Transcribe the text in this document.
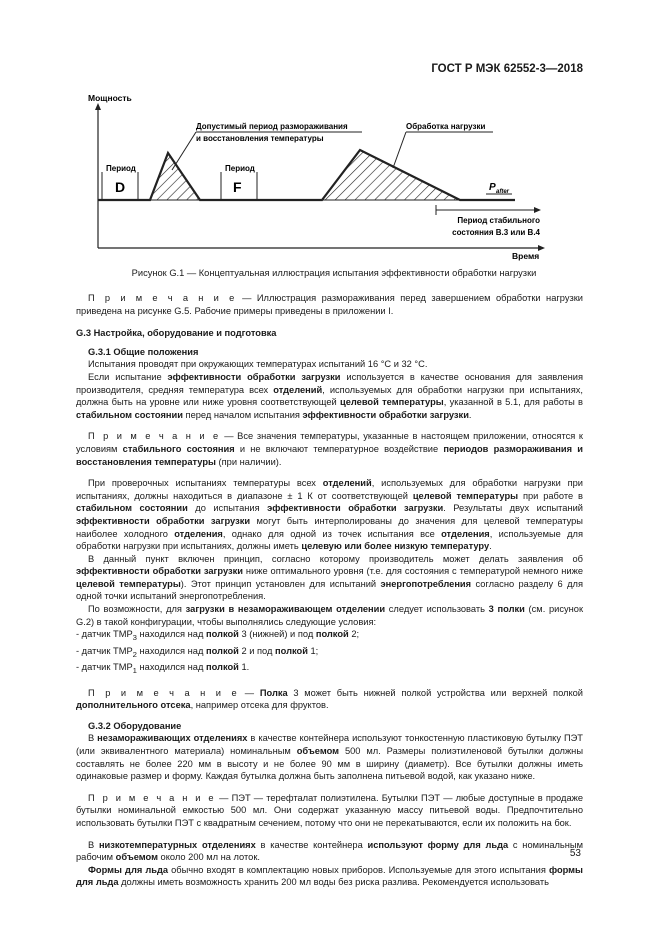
ГОСТ Р МЭК 62552-3—2018
Мощность
Время
Период
D
Период
F
Допустимый период размораживания
и восстановления температуры
Обработка нагрузки
P after
Период стабильного
состояния B.3 или B.4
Рисунок G.1 — Концептуальная иллюстрация испытания эффективности обработки нагрузки

П р и м е ч а н и е — Иллюстрация размораживания перед завершением обработки нагрузки приведена на рисунке G.5. Рабочие примеры приведены в приложении I.

G.3 Настройка, оборудование и подготовка
G.3.1 Общие положения

Испытания проводят при окружающих температурах испытаний 16 °С и 32 °С.

Если испытание эффективности обработки загрузки используется в качестве основания для заявления производителя, средняя температура всех отделений, используемых для обработки нагрузки при испытаниях, должна быть на уровне или ниже уровня соответствующей целевой температуры, указанной в 5.1, для работы в стабильном состоянии перед началом испытания эффективности обработки загрузки.

П р и м е ч а н и е — Все значения температуры, указанные в настоящем приложении, относятся к условиям стабильного состояния и не включают температурное воздействие периодов размораживания и восстановления температуры (при наличии).

При проверочных испытаниях температуры всех отделений, используемых для обработки нагрузки при испытаниях, должны находиться в диапазоне ± 1 К от соответствующей целевой температуры при работе в стабильном состоянии до испытания эффективности обработки загрузки. Результаты двух испытаний эффективности обработки загрузки могут быть интерполированы до значения для целевой температуры наиболее холодного отделения, однако для одной из точек испытания все отделения, используемые для обработки нагрузки при испытаниях, должны иметь целевую или более низкую температуру.

В данный пункт включен принцип, согласно которому производитель может делать заявления об эффективности обработки загрузки ниже оптимального уровня (т.е. для состояния с температурой немного ниже целевой температуры). Этот принцип установлен для испытаний энергопотребления согласно разделу 6 для одной точки испытаний энергопотребления.

По возможности, для загрузки в незамораживающем отделении следует использовать 3 полки (см. рисунок G.2) в такой конфигурации, чтобы выполнялись следующие условия:

- датчик $TMP_3$ находился над полкой 3 (нижней) и под полкой 2;

- датчик $TMP_2$ находился над полкой 2 и под полкой 1;

- датчик $TMP_1$ находился над полкой 1.

П р и м е ч а н и е — Полка 3 может быть нижней полкой устройства или верхней полкой дополнительного отсека, например отсека для фруктов.

G.3.2 Оборудование

В незамораживающих отделениях в качестве контейнера используют тонкостенную пластиковую бутылку ПЭТ (или эквивалентного материала) номинальным объемом 500 мл. Размеры полиэтиленовой бутылки должны составлять не более 220 мм в высоту и не более 90 мм в ширину (диаметр). Все бутылки должны иметь одинаковые размер и форму. Каждая бутылка должна быть заполнена питьевой водой, как указано ниже.

П р и м е ч а н и е — ПЭТ — терефталат полиэтилена. Бутылки ПЭТ — любые доступные в продаже бутылки номинальной емкостью 500 мл. Они содержат указанную массу питьевой воды. Предпочтительно использовать бутылки ПЭТ с квадратным сечением, потому что они не перекатываются, если их положить на бок.

В низкотемпературных отделениях в качестве контейнера используют форму для льда с номинальным рабочим объемом около 200 мл на лоток.

Формы для льда обычно входят в комплектацию новых приборов. Используемые для этого испытания формы для льда должны иметь возможность хранить 200 мл воды без риска разлива. Рекомендуется использовать

53
